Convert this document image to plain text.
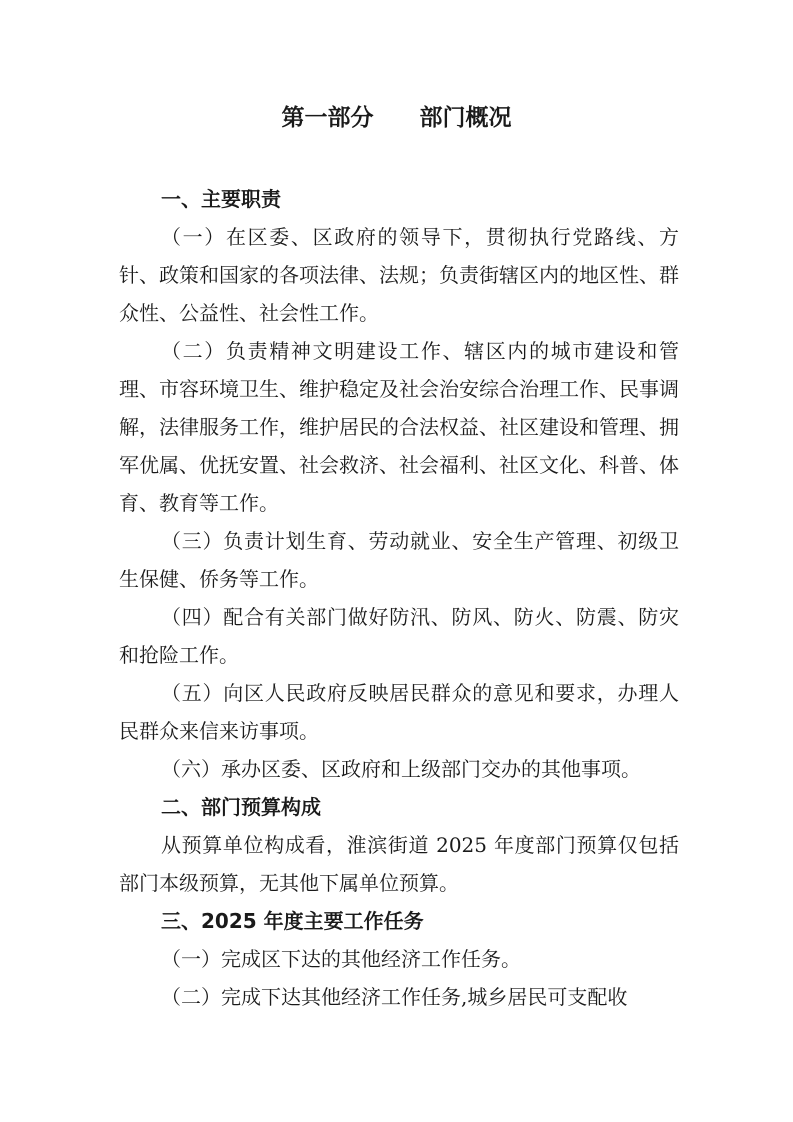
第一部分　　部门概况
一、主要职责

（一）在区委、区政府的领导下，贯彻执行党路线、方针、政策和国家的各项法律、法规；负责街辖区内的地区性、群众性、公益性、社会性工作。

（二）负责精神文明建设工作、辖区内的城市建设和管理、市容环境卫生、维护稳定及社会治安综合治理工作、民事调解，法律服务工作，维护居民的合法权益、社区建设和管理、拥军优属、优抚安置、社会救济、社会福利、社区文化、科普、体育、教育等工作。

（三）负责计划生育、劳动就业、安全生产管理、初级卫生保健、侨务等工作。

（四）配合有关部门做好防汛、防风、防火、防震、防灾和抢险工作。

（五）向区人民政府反映居民群众的意见和要求，办理人民群众来信来访事项。

（六）承办区委、区政府和上级部门交办的其他事项。

二、部门预算构成

从预算单位构成看，淮滨街道 2025 年度部门预算仅包括部门本级预算，无其他下属单位预算。

三、2025 年度主要工作任务

（一）完成区下达的其他经济工作任务。

（二）完成下达其他经济工作任务,城乡居民可支配收
